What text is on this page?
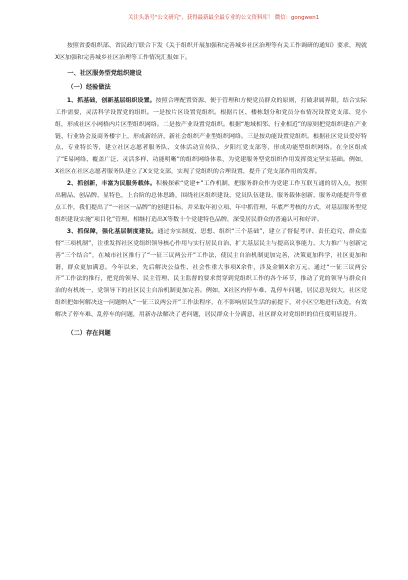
关注头条号"公文研究"，获得最新最全最专业的公文资料库！ 微信：gongwen1

按照省委组织部、省民政厅联合下发《关于组织开展加强和完善城乡社区治理等有关工作调研的通知》要求，现就X区加强和完善城乡社区治理等工作情况汇报如下。

一、社区服务型党组织建设
（一）经验做法

1、抓基础，创新基层组织设置。按照合理配置资源、便于管理和方便党员群众的原则，打破隶属界限，结合实际工作需要，灵活科学设置党的组织。一是按片区设置党组织。根据片区、楼栋划分和党员分布情况设置党支部、党小组，形成社区小网格内片区型组织网络。二是按产业设置党组织。根据“地域相邻、行业相近”的原则把党组织建在产业链、行业协会及商务楼宇上，形成新经济、新社会组织产业型组织网络。三是按功能设置党组织。根据社区党员爱好特点、专业特长等，建立社区志愿者服务队、文体活动宣传队、夕阳红党支部等，形成功能型组织网络。在全区组成了“E易网络、覆盖广泛、灵活多样、功能明晰”的组织网络体系，为党建服务型党组织作用发挥奠定坚实基础。例如，X社区在社区志愿者服务队建立了X支党支部，实现了党组织的合理设置，提升了党支部作用的发挥。

2、抓创新，丰富为民服务载体。积极探索“党建+”工作机制，把服务群众作为党建工作互联互通的切入点，按照出精品、创品牌、显特色，上台阶的总体思路，围绕社区组织建设、党员队伍建设、服务载体创新、服务功能提升等重点工作，我们提出了“一社区一品牌”的创建目标，并采取年初立项、年中抓管理、年底严考核的方式，对基层服务型党组织建设实施“项目化”管理，相继打造出X等数十个党建特色品牌，深受居民群众的普遍认可和好评。

3、抓保障，强化基层制度建设。通过夯实制度、思想、组织“三个基础”，建立了督促考评、责任追究、群众监督“三项机制”，注重发挥社区党组织领导核心作用与实行居民自治、扩大基层民主与提高议事能力、大力推广与创新完善“三个结合”，在城市社区推行了“一征三议两公开”工作法，使民主自治机制更加完善，决策更加科学，社区更加和谐，群众更加满意。今年以来，先后解决公益性、社会性重大事项X余件，涉及金额X余万元。通过“一征三议两公开”工作法的推行，把党的领导、民主管理、民主监督的要求贯穿到党组织工作的各个环节，推动了党的领导与群众自治的有机统一，党领导下的社区民主自治机制更加完善。例如，X社区内停车难、乱停车问题，居民意见较大，社区党组织把如何解决这一问题纳入“一征三议两公开”工作法程序，在不影响居民生活的前提下，对小区空地进行改造，有效解决了停车难、乱停车的问题，用新办法解决了老问题，居民群众十分满意，社区群众对党组织的信任度明显提升。

（二）存在问题
